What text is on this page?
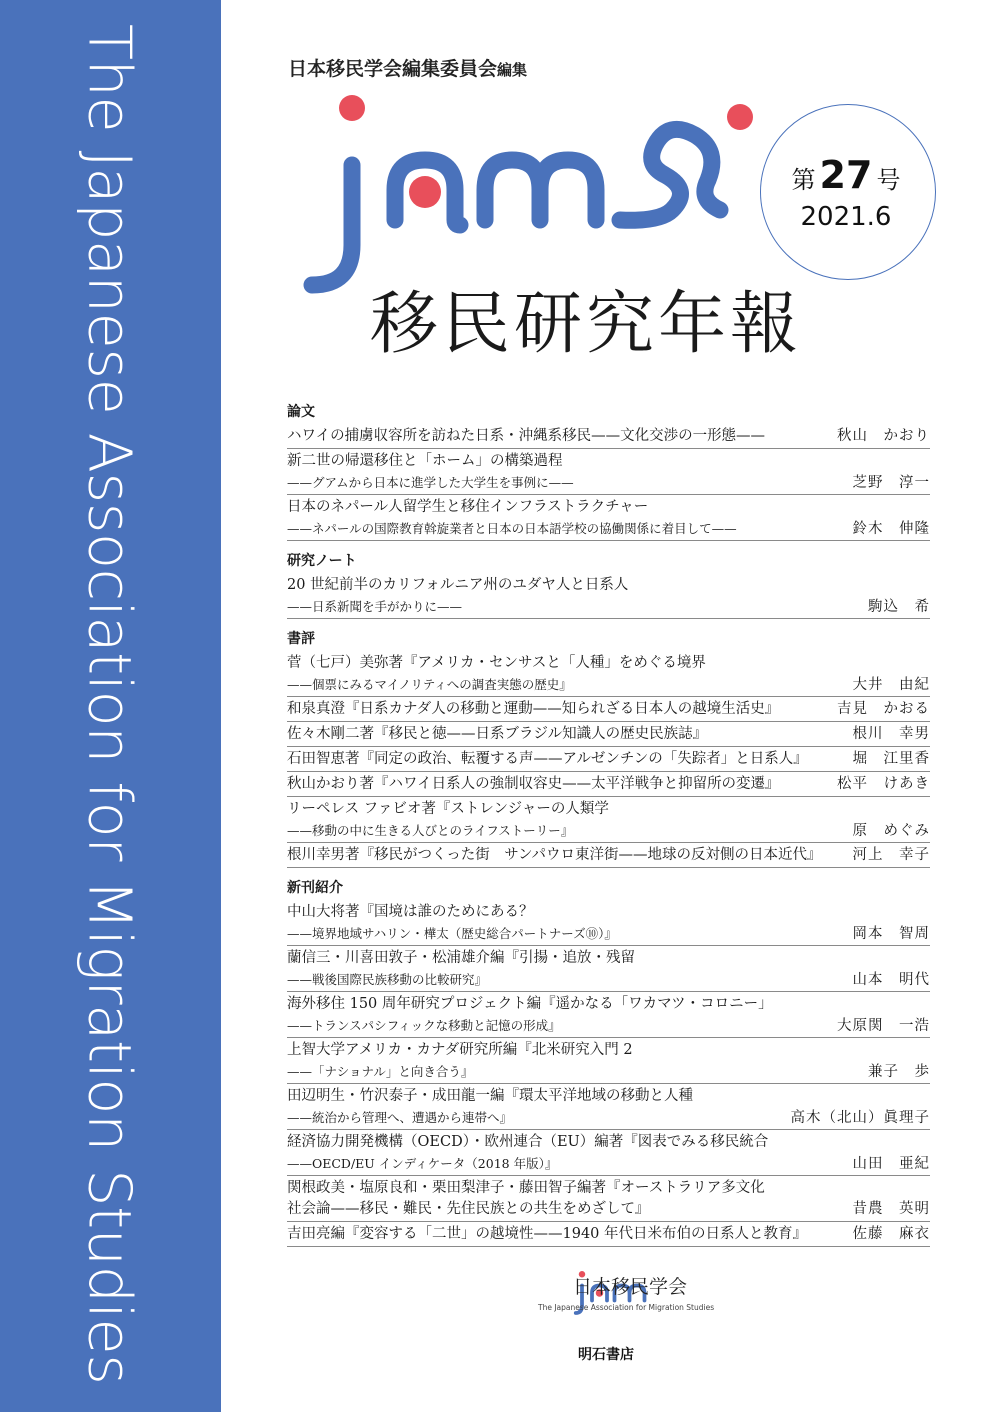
The Japanese Association for Migration Studies	日本移民学会編集委員会編集
第 27 号
2021.6
移民研究年報
論文
ハワイの捕虜収容所を訪ねた日系・沖縄系移民——文化交渉の一形態——	秋山　かおり
新二世の帰還移住と「ホーム」の構築過程
——グアムから日本に進学した大学生を事例に——	芝野　淳一
日本のネパール人留学生と移住インフラストラクチャー
——ネパールの国際教育斡旋業者と日本の日本語学校の協働関係に着目して——	鈴木　伸隆
研究ノート
20 世紀前半のカリフォルニア州のユダヤ人と日系人
——日系新聞を手がかりに——	駒込　希
書評
菅（七戸）美弥著『アメリカ・センサスと「人種」をめぐる境界
——個票にみるマイノリティへの調査実態の歴史』	大井　由紀
和泉真澄『日系カナダ人の移動と運動——知られざる日本人の越境生活史』	吉見　かおる
佐々木剛二著『移民と徳——日系ブラジル知識人の歴史民族誌』	根川　幸男
石田智恵著『同定の政治、転覆する声——アルゼンチンの「失踪者」と日系人』	堀　江里香
秋山かおり著『ハワイ日系人の強制収容史——太平洋戦争と抑留所の変遷』	松平　けあき
リーペレス ファビオ著『ストレンジャーの人類学
——移動の中に生きる人びとのライフストーリー』	原　めぐみ
根川幸男著『移民がつくった街　サンパウロ東洋街——地球の反対側の日本近代』	河上　幸子
新刊紹介
中山大将著『国境は誰のためにある？
——境界地域サハリン・樺太（歴史総合パートナーズ⑩）』	岡本　智周
蘭信三・川喜田敦子・松浦雄介編『引揚・追放・残留
——戦後国際民族移動の比較研究』	山本　明代
海外移住 150 周年研究プロジェクト編『遥かなる「ワカマツ・コロニー」
——トランスパシフィックな移動と記憶の形成』	大原関　一浩
上智大学アメリカ・カナダ研究所編『北米研究入門 2
——「ナショナル」と向き合う』	兼子　歩
田辺明生・竹沢泰子・成田龍一編『環太平洋地域の移動と人種
——統治から管理へ、遭遇から連帯へ』	高木（北山）眞理子
経済協力開発機構（OECD）・欧州連合（EU）編著『図表でみる移民統合
——OECD/EU インディケータ（2018 年版）』	山田　亜紀
関根政美・塩原良和・栗田梨津子・藤田智子編著『オーストラリア多文化
社会論——移民・難民・先住民族との共生をめざして』	昔農　英明
吉田亮編『変容する「二世」の越境性——1940 年代日米布伯の日系人と教育』	佐藤　麻衣
日本移民学会
The Japanese Association for Migration Studies
明石書店
